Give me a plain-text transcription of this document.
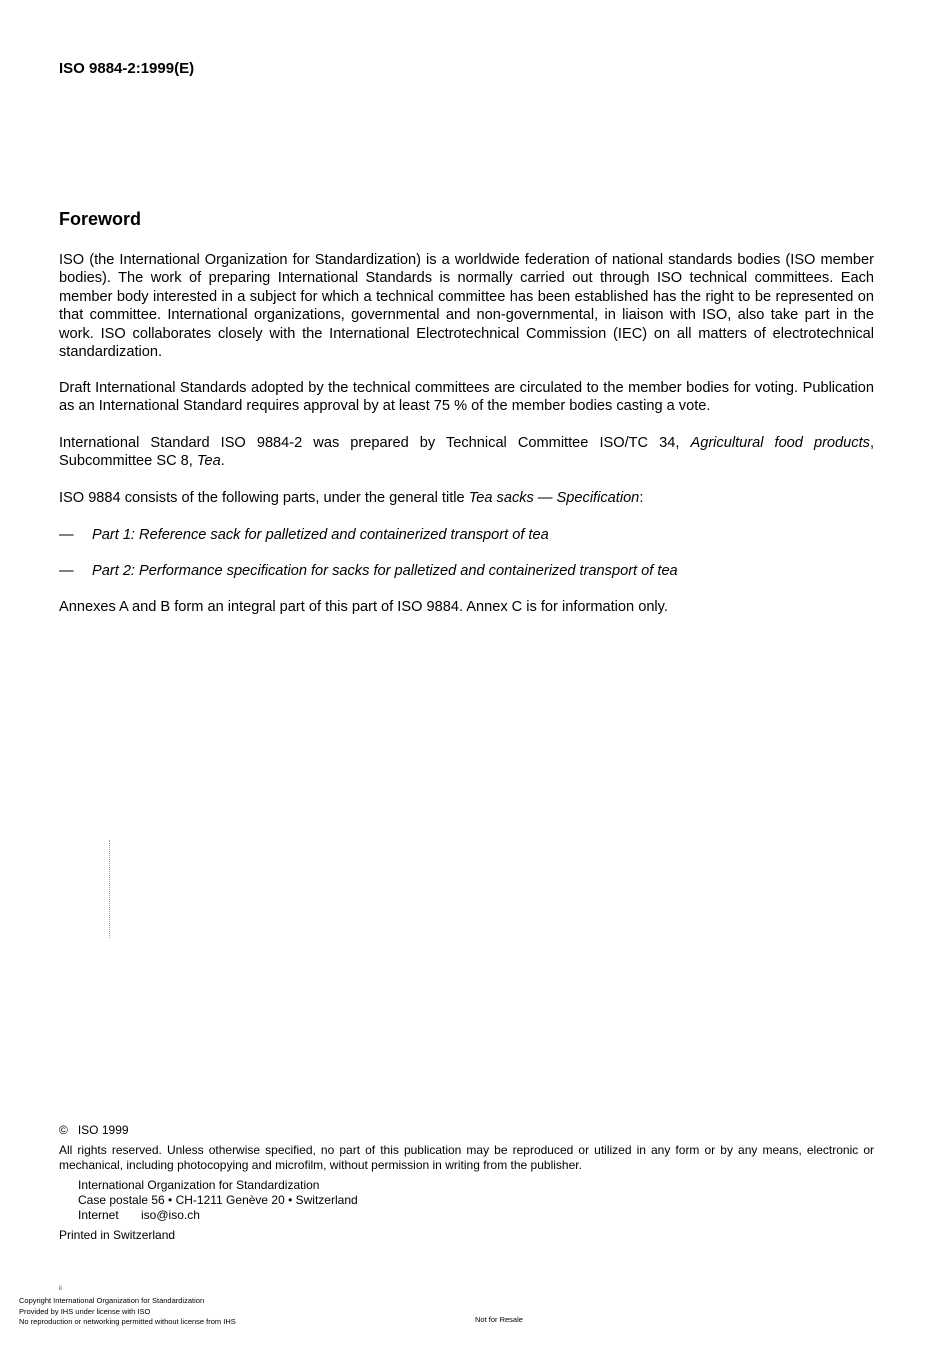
ISO 9884-2:1999(E)
Foreword

ISO (the International Organization for Standardization) is a worldwide federation of national standards bodies (ISO member bodies). The work of preparing International Standards is normally carried out through ISO technical committees. Each member body interested in a subject for which a technical committee has been established has the right to be represented on that committee. International organizations, governmental and non-governmental, in liaison with ISO, also take part in the work. ISO collaborates closely with the International Electrotechnical Commission (IEC) on all matters of electrotechnical standardization.

Draft International Standards adopted by the technical committees are circulated to the member bodies for voting. Publication as an International Standard requires approval by at least 75 % of the member bodies casting a vote.

International Standard ISO 9884-2 was prepared by Technical Committee ISO/TC 34, Agricultural food products, Subcommittee SC 8, Tea.

ISO 9884 consists of the following parts, under the general title Tea sacks — Specification:

— Part 1: Reference sack for palletized and containerized transport of tea
— Part 2: Performance specification for sacks for palletized and containerized transport of tea

Annexes A and B form an integral part of this part of ISO 9884. Annex C is for information only.

© ISO 1999

All rights reserved. Unless otherwise specified, no part of this publication may be reproduced or utilized in any form or by any means, electronic or mechanical, including photocopying and microfilm, without permission in writing from the publisher.

International Organization for Standardization
Case postale 56 • CH-1211 Genève 20 • Switzerland
Internet iso@iso.ch
Printed in Switzerland
ii
Copyright International Organization for Standardization
Provided by IHS under license with ISO
No reproduction or networking permitted without license from IHS	Not for Resale
